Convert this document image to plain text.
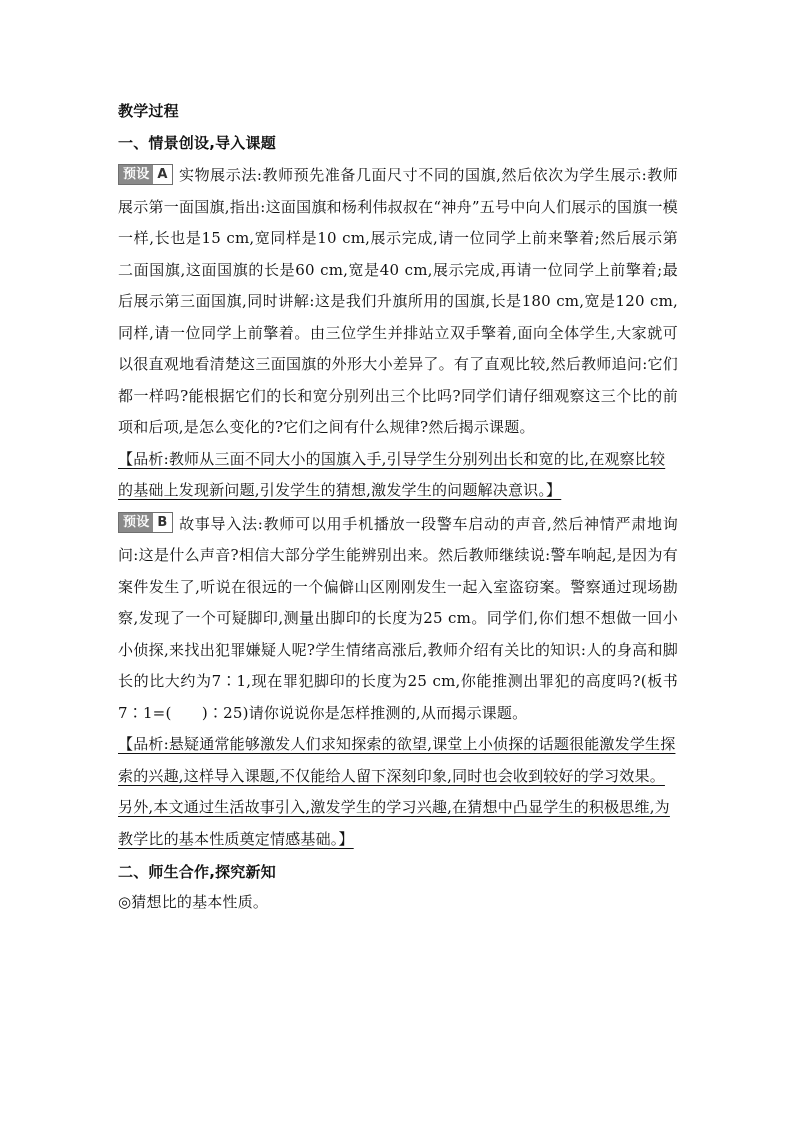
教学过程

一、情景创设,导入课题

预设 A 实物展示法:教师预先准备几面尺寸不同的国旗,然后依次为学生展示:教师展示第一面国旗,指出:这面国旗和杨利伟叔叔在“神舟”五号中向人们展示的国旗一模一样,长也是15 cm,宽同样是10 cm,展示完成,请一位同学上前来擎着;然后展示第二面国旗,这面国旗的长是60 cm,宽是40 cm,展示完成,再请一位同学上前擎着;最后展示第三面国旗,同时讲解:这是我们升旗所用的国旗,长是180 cm,宽是120 cm,同样,请一位同学上前擎着。由三位学生并排站立双手擎着,面向全体学生,大家就可以很直观地看清楚这三面国旗的外形大小差异了。有了直观比较,然后教师追问:它们都一样吗?能根据它们的长和宽分别列出三个比吗?同学们请仔细观察这三个比的前项和后项,是怎么变化的?它们之间有什么规律?然后揭示课题。

【品析:教师从三面不同大小的国旗入手,引导学生分别列出长和宽的比,在观察比较的基础上发现新问题,引发学生的猜想,激发学生的问题解决意识。】

预设 B 故事导入法:教师可以用手机播放一段警车启动的声音,然后神情严肃地询问:这是什么声音?相信大部分学生能辨别出来。然后教师继续说:警车响起,是因为有案件发生了,听说在很远的一个偏僻山区刚刚发生一起入室盗窃案。警察通过现场勘察,发现了一个可疑脚印,测量出脚印的长度为25 cm。同学们,你们想不想做一回小小侦探,来找出犯罪嫌疑人呢?学生情绪高涨后,教师介绍有关比的知识:人的身高和脚长的比大约为7∶1,现在罪犯脚印的长度为25 cm,你能推测出罪犯的高度吗?(板书7∶1=(　　)∶25)请你说说你是怎样推测的,从而揭示课题。

【品析:悬疑通常能够激发人们求知探索的欲望,课堂上小侦探的话题很能激发学生探索的兴趣,这样导入课题,不仅能给人留下深刻印象,同时也会收到较好的学习效果。另外,本文通过生活故事引入,激发学生的学习兴趣,在猜想中凸显学生的积极思维,为教学比的基本性质奠定情感基础。】

二、师生合作,探究新知

◎猜想比的基本性质。
